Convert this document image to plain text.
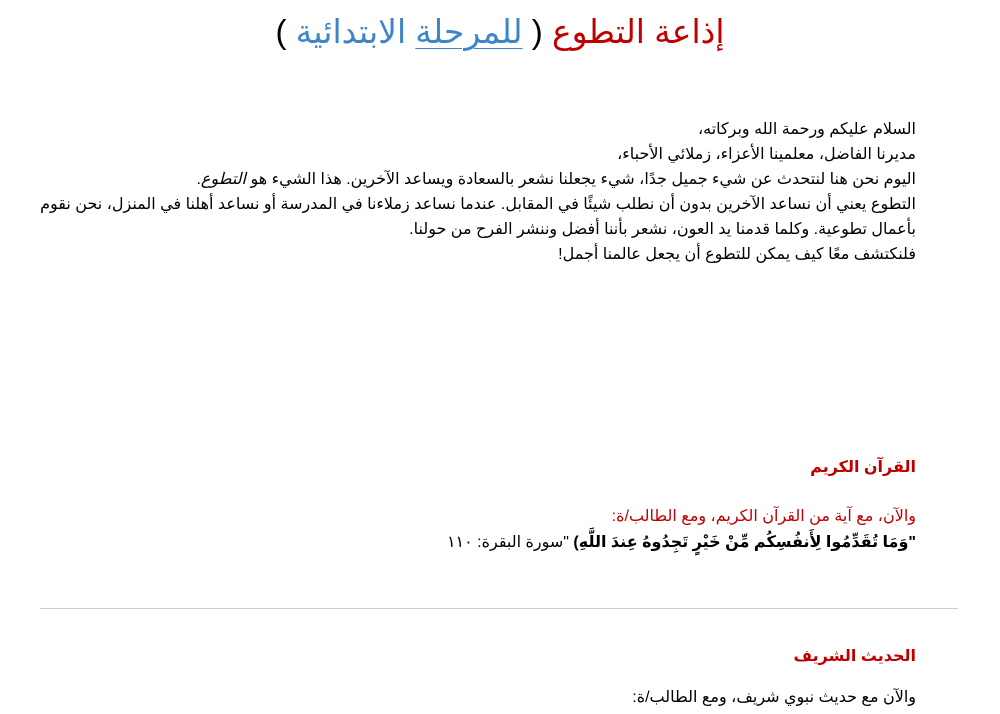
إذاعة التطوع ( للمرحلة الابتدائية )

السلام عليكم ورحمة الله وبركاته،

مديرنا الفاضل، معلمينا الأعزاء، زملائي الأحباء،

اليوم نحن هنا لنتحدث عن شيء جميل جدًا، شيء يجعلنا نشعر بالسعادة ويساعد الآخرين. هذا الشيء هو التطوع.

التطوع يعني أن نساعد الآخرين بدون أن نطلب شيئًا في المقابل. عندما نساعد زملاءنا في المدرسة أو نساعد أهلنا في المنزل، نحن نقوم بأعمال تطوعية. وكلما قدمنا يد العون، نشعر بأننا أفضل وننشر الفرح من حولنا.

فلنكتشف معًا كيف يمكن للتطوع أن يجعل عالمنا أجمل!

القرآن الكريم

والآن، مع آية من القرآن الكريم، ومع الطالب/ة:

"وَمَا تُقَدِّمُوا لِأَنفُسِكُم مِّنْ خَيْرٍ تَجِدُوهُ عِندَ اللَّهِ) "سورة البقرة: ١١٠

الحديث الشريف

والآن مع حديث نبوي شريف، ومع الطالب/ة:
